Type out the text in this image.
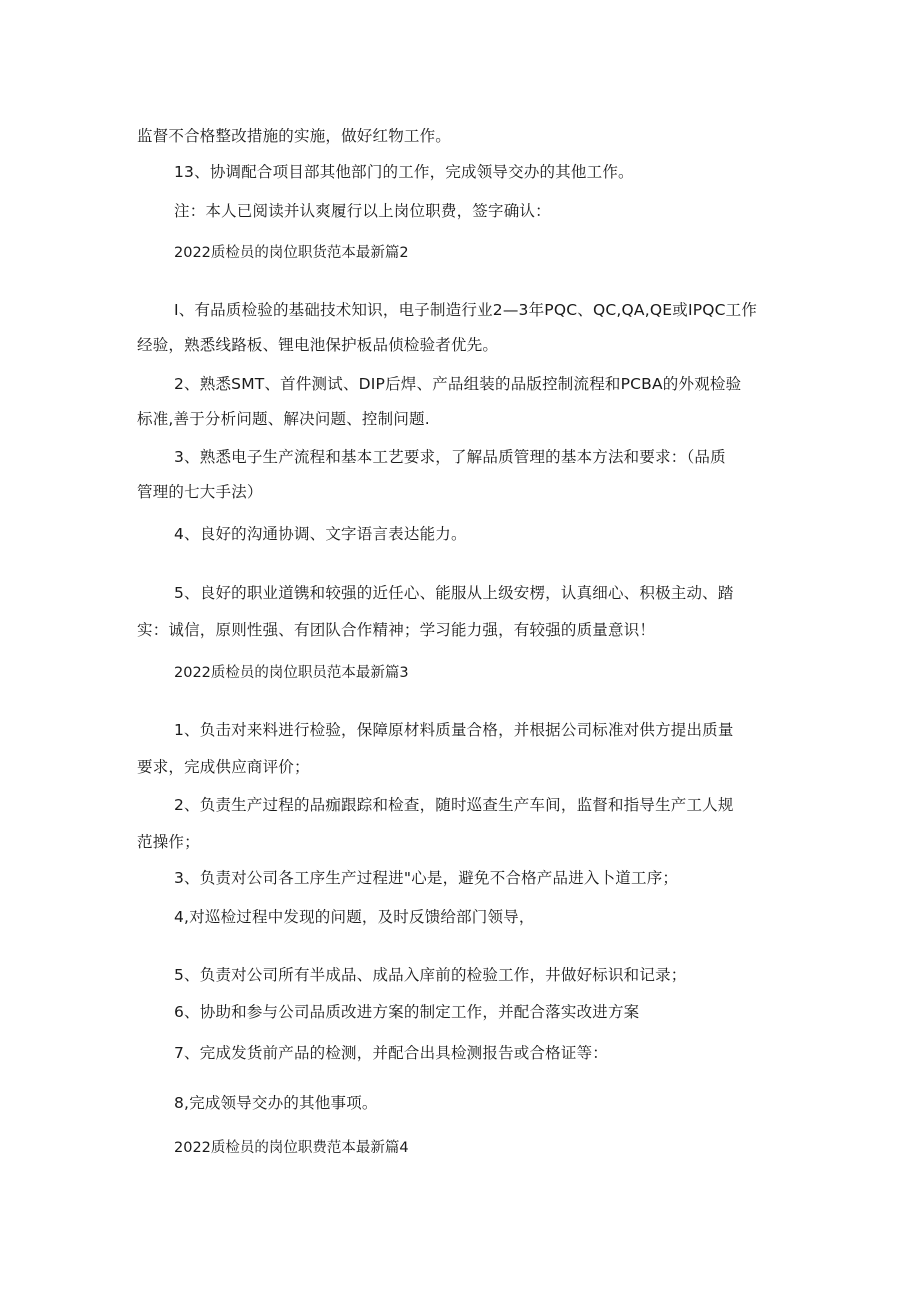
监督不合格整改措施的实施，做好红物工作。
13、协调配合项目部其他部门的工作，完成领导交办的其他工作。
注：本人已阅读并认爽履行以上岗位职费，签字确认：
2022质检员的岗位职货范本最新篇2
I、有品质检验的基础技术知识，电子制造行业2—3年PQC、QC,QA,QE或IPQC工作
经验，熟悉线路板、锂电池保护板品侦检验者优先。
2、熟悉SMT、首件测试、DIP后焊、产品组装的品版控制流程和PCBA的外观检验
标准,善于分析问题、解决问题、控制问题.
3、熟悉电子生产流程和基本工艺要求，了解品质管理的基本方法和要求：（品质
管理的七大手法）
4、良好的沟通协调、文字语言表达能力。
5、良好的职业道镌和较强的近任心、能服从上级安楞，认真细心、积极主动、踏
实：诚信，原则性强、有团队合作精神；学习能力强，有较强的质量意识！
2022质检员的岗位职员范本最新篇3
1、负击对来料进行检验，保障原材料质量合格，并根据公司标准对供方提出质量
要求，完成供应商评价；
2、负责生产过程的品痂跟踪和检查，随时巡查生产车间，监督和指导生产工人规
范操作；
3、负责对公司各工序生产过程进"心是，避免不合格产品进入卜道工序；
4,对巡检过程中发现的问题，及时反馈给部门领导，
5、负责对公司所有半成品、成品入庠前的检验工作，井做好标识和记录；
6、协助和参与公司品质改进方案的制定工作，并配合落实改进方案
7、完成发货前产品的检测，并配合出具检测报告或合格证等：
8,完成领导交办的其他事项。
2022质检员的岗位职费范本最新篇4
